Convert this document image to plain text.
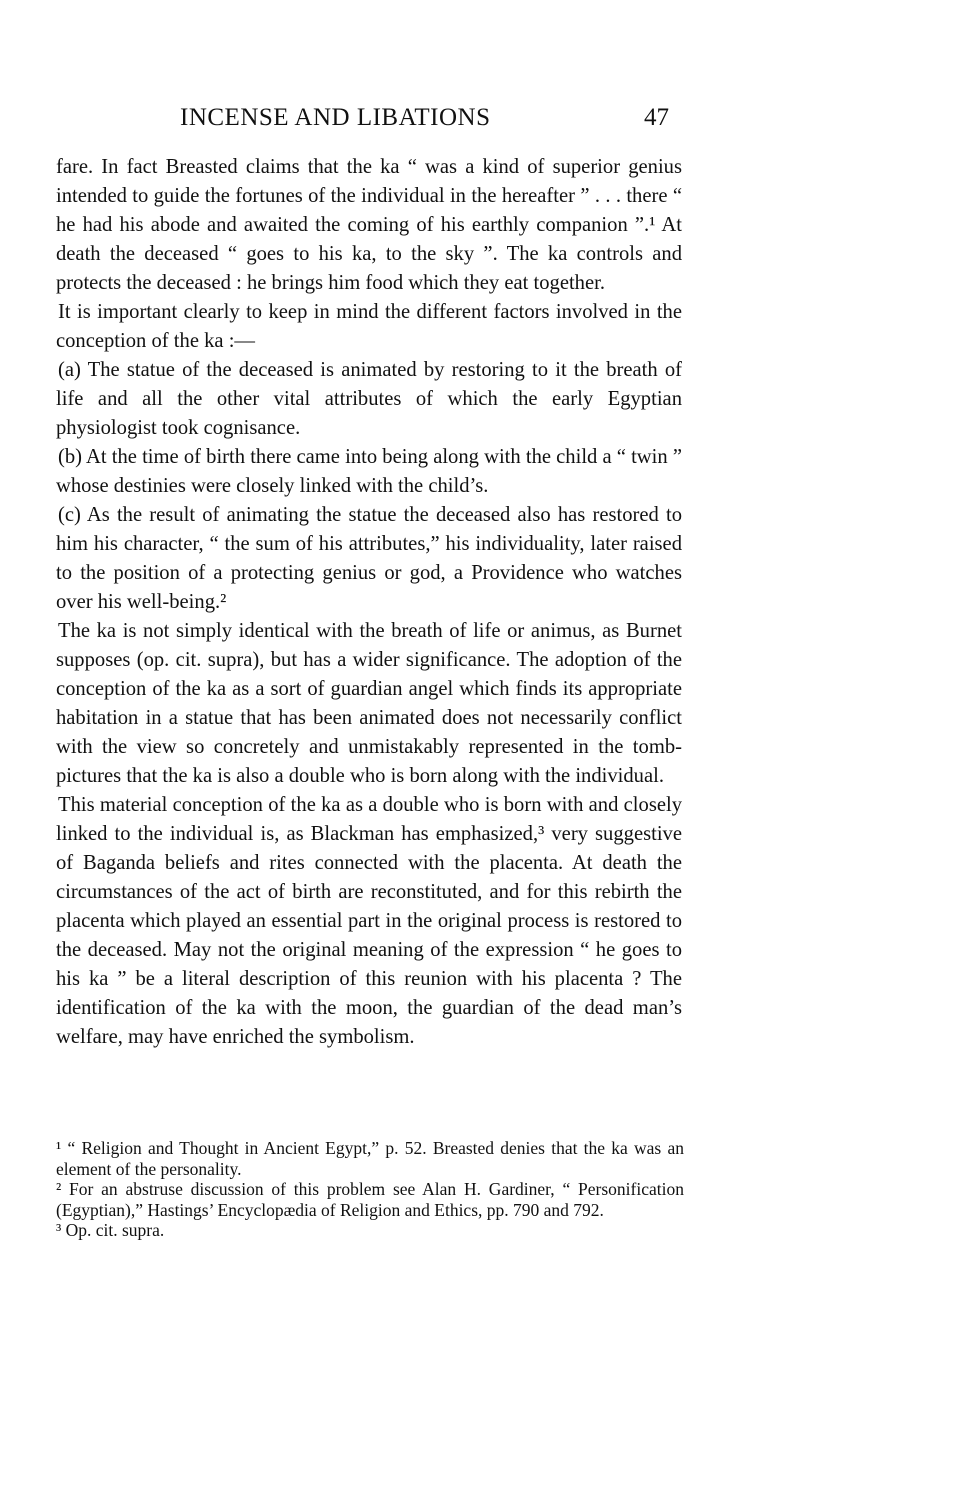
INCENSE AND LIBATIONS	47

fare. In fact Breasted claims that the ka “ was a kind of superior genius intended to guide the fortunes of the individual in the hereafter ” . . . there “ he had his abode and awaited the coming of his earthly companion ”.¹ At death the deceased “ goes to his ka, to the sky ”. The ka controls and protects the deceased : he brings him food which they eat together.

It is important clearly to keep in mind the different factors involved in the conception of the ka :—

(a) The statue of the deceased is animated by restoring to it the breath of life and all the other vital attributes of which the early Egyptian physiologist took cognisance.

(b) At the time of birth there came into being along with the child a “ twin ” whose destinies were closely linked with the child’s.

(c) As the result of animating the statue the deceased also has restored to him his character, “ the sum of his attributes,” his individuality, later raised to the position of a protecting genius or god, a Providence who watches over his well-being.²

The ka is not simply identical with the breath of life or animus, as Burnet supposes (op. cit. supra), but has a wider significance. The adoption of the conception of the ka as a sort of guardian angel which finds its appropriate habitation in a statue that has been animated does not necessarily conflict with the view so concretely and unmistakably represented in the tomb-pictures that the ka is also a double who is born along with the individual.

This material conception of the ka as a double who is born with and closely linked to the individual is, as Blackman has emphasized,³ very suggestive of Baganda beliefs and rites connected with the placenta. At death the circumstances of the act of birth are reconstituted, and for this rebirth the placenta which played an essential part in the original process is restored to the deceased. May not the original meaning of the expression “ he goes to his ka ” be a literal description of this reunion with his placenta ? The identification of the ka with the moon, the guardian of the dead man’s welfare, may have enriched the symbolism.

¹ “ Religion and Thought in Ancient Egypt,” p. 52. Breasted denies that the ka was an element of the personality.

² For an abstruse discussion of this problem see Alan H. Gardiner, “ Personification (Egyptian),” Hastings’ Encyclopædia of Religion and Ethics, pp. 790 and 792.

³ Op. cit. supra.
